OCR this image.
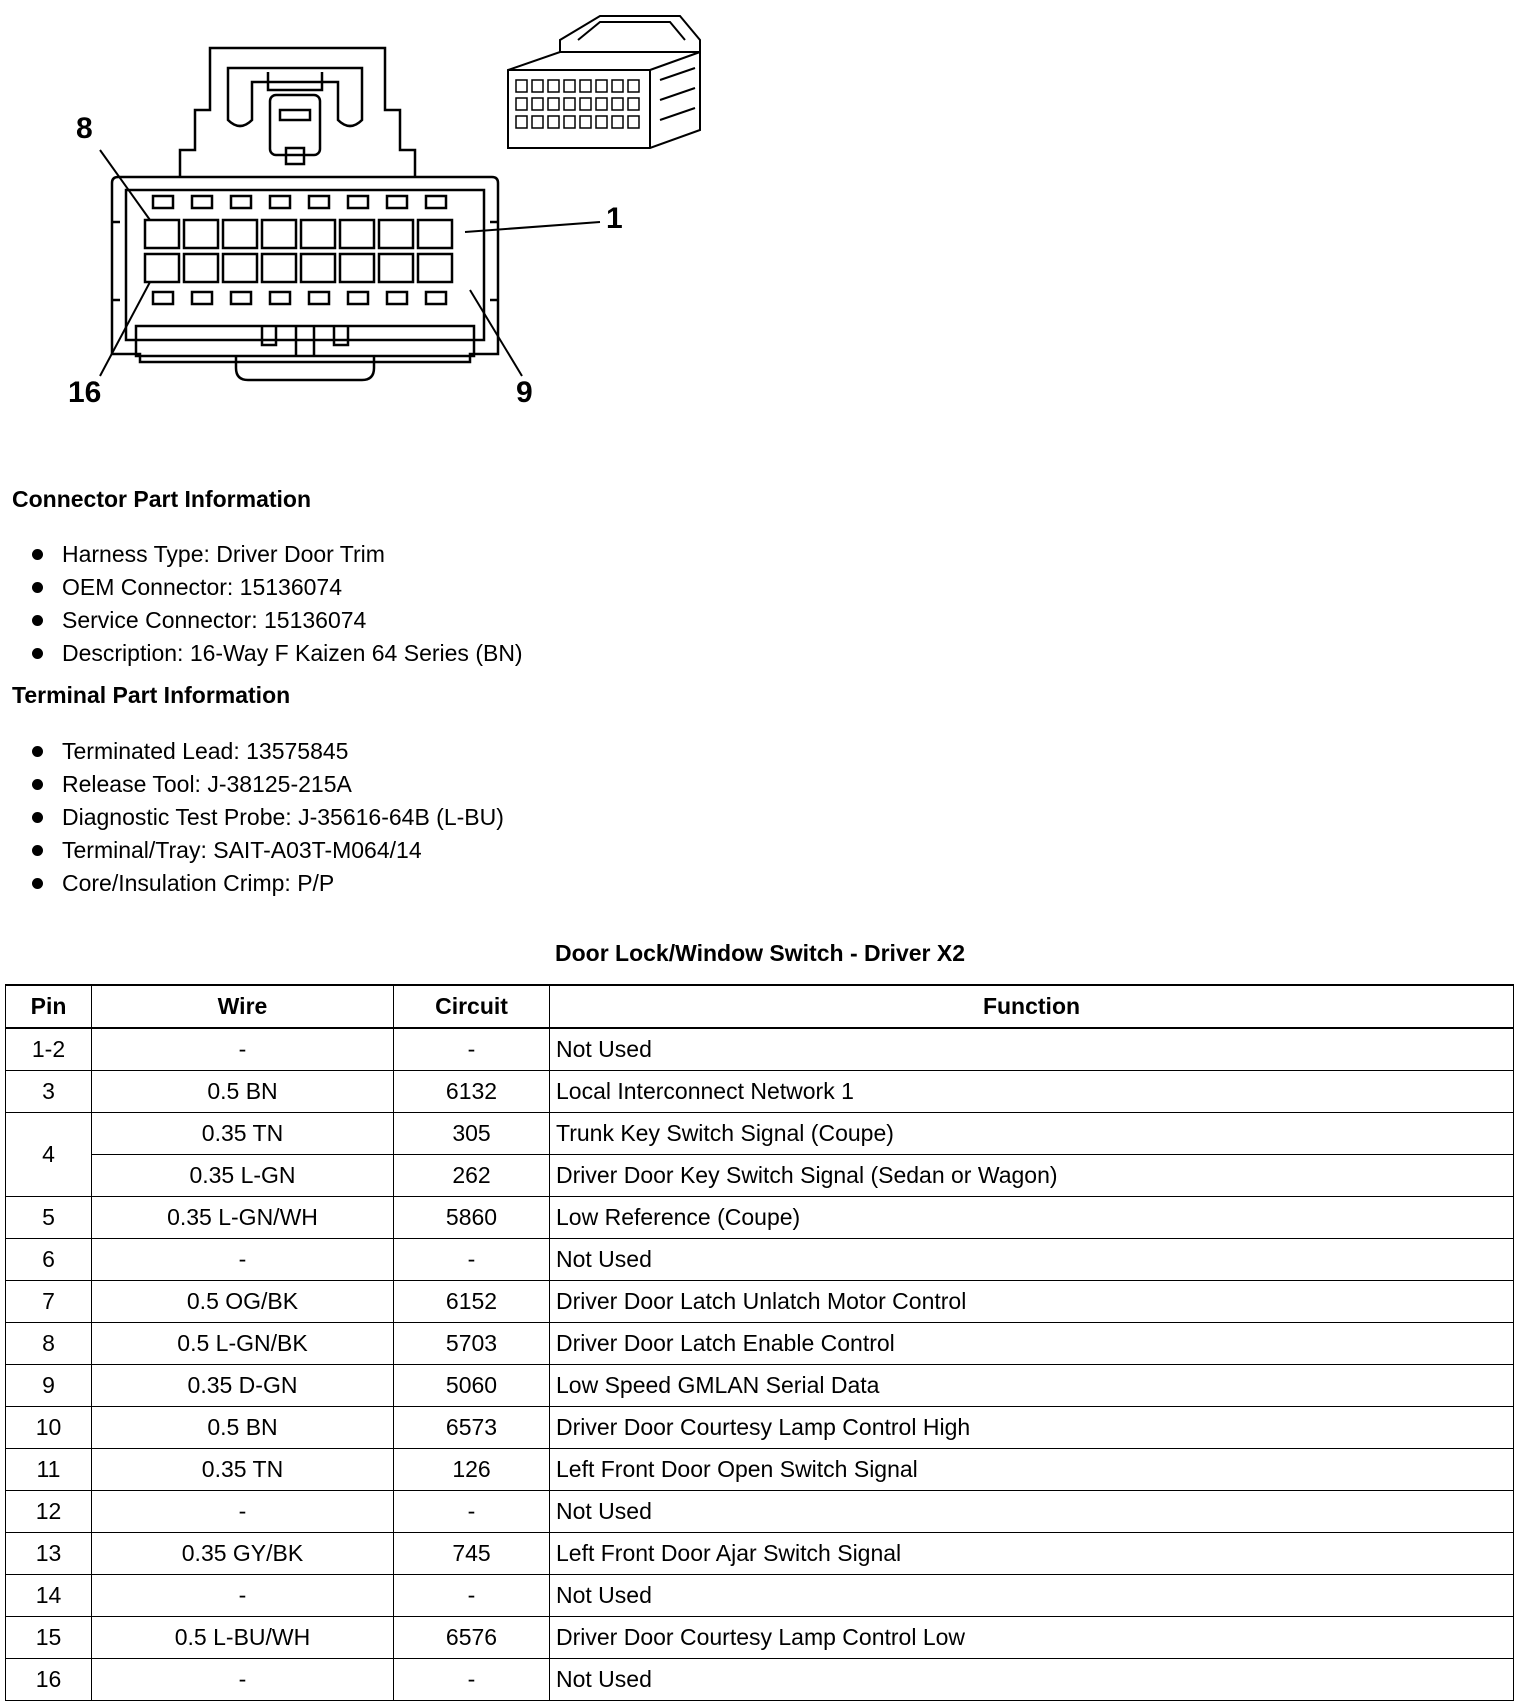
8
1
16	9
Connector Part Information
Harness Type: Driver Door Trim
OEM Connector: 15136074
Service Connector: 15136074
Description: 16-Way F Kaizen 64 Series (BN)
Terminal Part Information
Terminated Lead: 13575845
Release Tool: J-38125-215A
Diagnostic Test Probe: J-35616-64B (L-BU)
Terminal/Tray: SAIT-A03T-M064/14
Core/Insulation Crimp: P/P
Door Lock/Window Switch - Driver X2
Pin	Wire	Circuit	Function
1-2	-	-	Not Used
3	0.5 BN	6132	Local Interconnect Network 1
4	0.35 TN	305	Trunk Key Switch Signal (Coupe)
	0.35 L-GN	262	Driver Door Key Switch Signal (Sedan or Wagon)
5	0.35 L-GN/WH	5860	Low Reference (Coupe)
6	-	-	Not Used
7	0.5 OG/BK	6152	Driver Door Latch Unlatch Motor Control
8	0.5 L-GN/BK	5703	Driver Door Latch Enable Control
9	0.35 D-GN	5060	Low Speed GMLAN Serial Data
10	0.5 BN	6573	Driver Door Courtesy Lamp Control High
11	0.35 TN	126	Left Front Door Open Switch Signal
12	-	-	Not Used
13	0.35 GY/BK	745	Left Front Door Ajar Switch Signal
14	-	-	Not Used
15	0.5 L-BU/WH	6576	Driver Door Courtesy Lamp Control Low
16	-	-	Not Used
